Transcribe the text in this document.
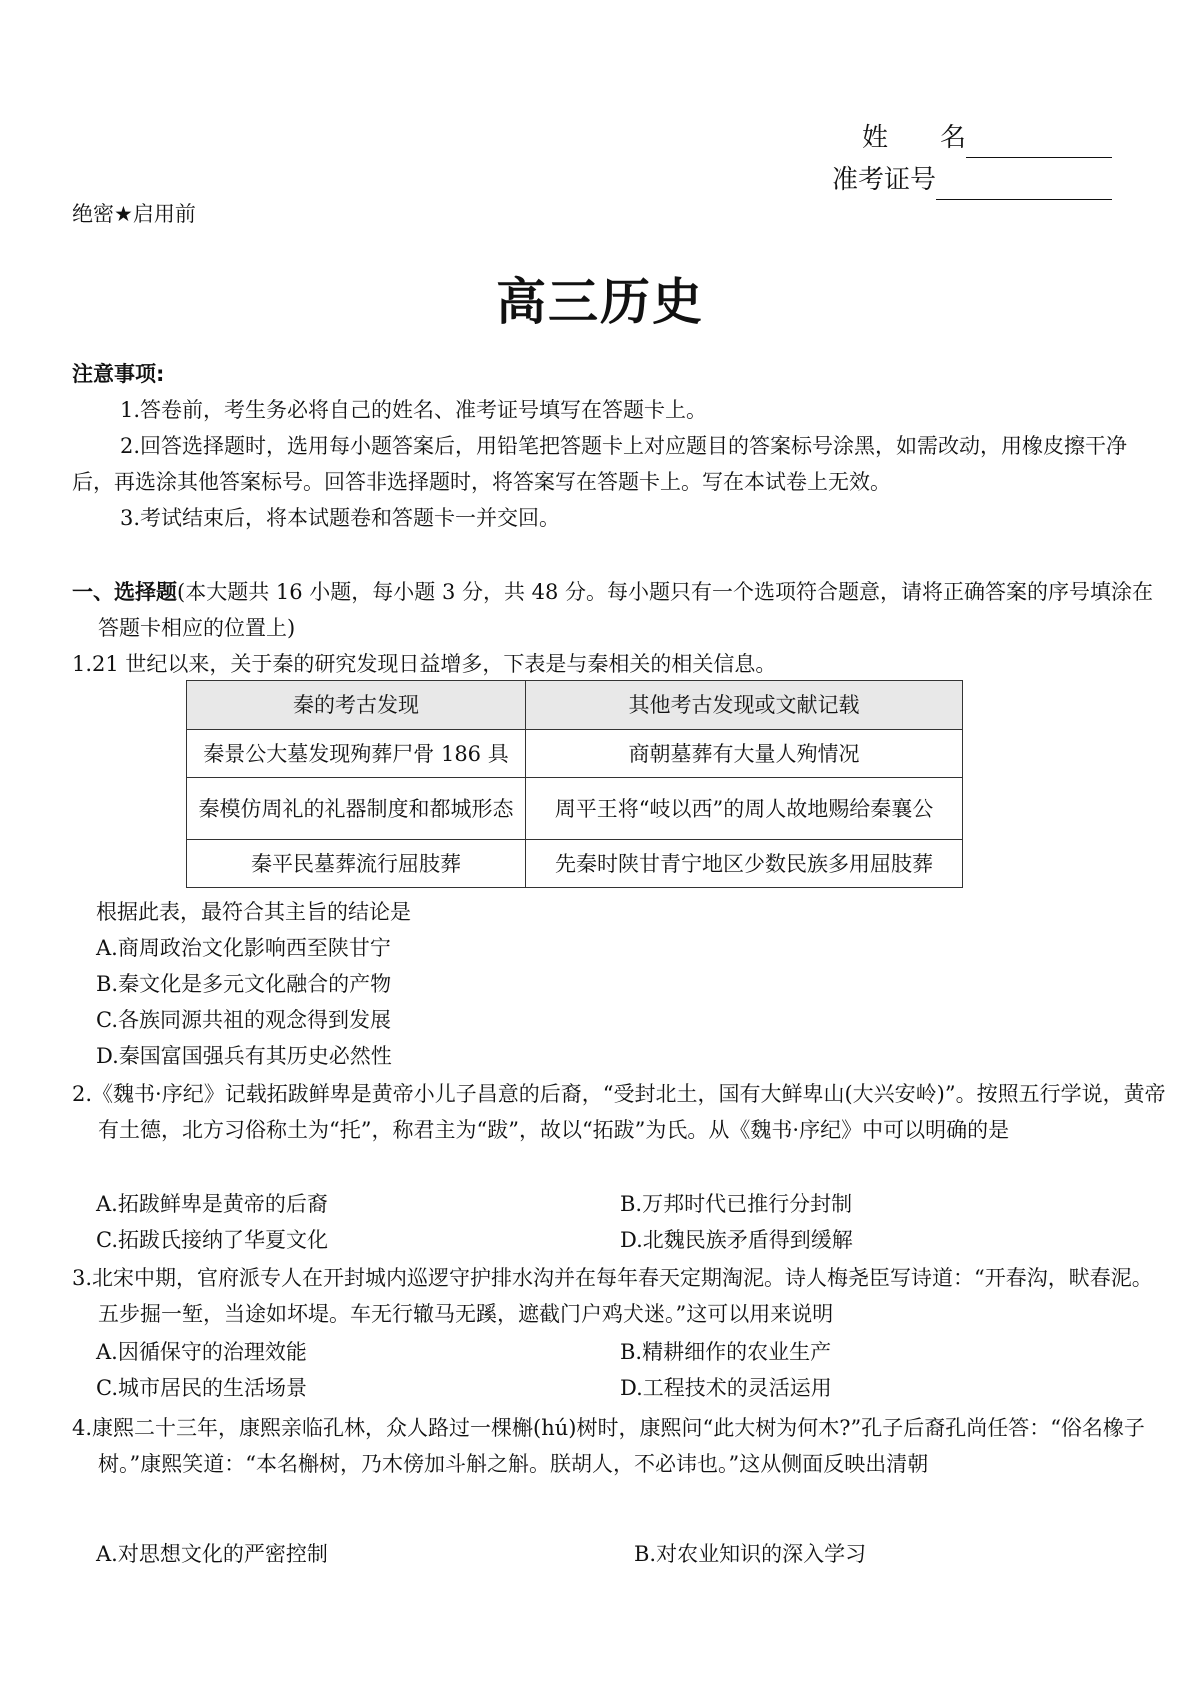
姓　　名
准考证号
绝密★启用前
高三历史
注意事项:
1.答卷前，考生务必将自己的姓名、准考证号填写在答题卡上。
2.回答选择题时，选用每小题答案后，用铅笔把答题卡上对应题目的答案标号涂黑，如需改动，用橡皮擦干净后，再选涂其他答案标号。回答非选择题时，将答案写在答题卡上。写在本试卷上无效。
3.考试结束后，将本试题卷和答题卡一并交回。
一、选择题(本大题共 16 小题，每小题 3 分，共 48 分。每小题只有一个选项符合题意，请将正确答案的序号填涂在答题卡相应的位置上)
1.21 世纪以来，关于秦的研究发现日益增多，下表是与秦相关的相关信息。
秦的考古发现	其他考古发现或文献记载
秦景公大墓发现殉葬尸骨 186 具	商朝墓葬有大量人殉情况
秦模仿周礼的礼器制度和都城形态	周平王将“岐以西”的周人故地赐给秦襄公
秦平民墓葬流行屈肢葬	先秦时陕甘青宁地区少数民族多用屈肢葬
根据此表，最符合其主旨的结论是
A.商周政治文化影响西至陕甘宁
B.秦文化是多元文化融合的产物
C.各族同源共祖的观念得到发展
D.秦国富国强兵有其历史必然性
2.《魏书·序纪》记载拓跋鲜卑是黄帝小儿子昌意的后裔，“受封北土，国有大鲜卑山(大兴安岭)”。按照五行学说，黄帝有土德，北方习俗称土为“托”，称君主为“跋”，故以“拓跋”为氏。从《魏书·序纪》中可以明确的是
A.拓跋鲜卑是黄帝的后裔	B.万邦时代已推行分封制
C.拓跋氏接纳了华夏文化	D.北魏民族矛盾得到缓解
3.北宋中期，官府派专人在开封城内巡逻守护排水沟并在每年春天定期淘泥。诗人梅尧臣写诗道：“开春沟，畎春泥。五步掘一堑，当途如坏堤。车无行辙马无蹊，遮截门户鸡犬迷。”这可以用来说明
A.因循保守的治理效能	B.精耕细作的农业生产
C.城市居民的生活场景	D.工程技术的灵活运用
4.康熙二十三年，康熙亲临孔林，众人路过一棵槲(hú)树时，康熙问“此大树为何木?”孔子后裔孔尚任答：“俗名橡子树。”康熙笑道：“本名槲树，乃木傍加斗斛之斛。朕胡人，不必讳也。”这从侧面反映出清朝
A.对思想文化的严密控制	B.对农业知识的深入学习
